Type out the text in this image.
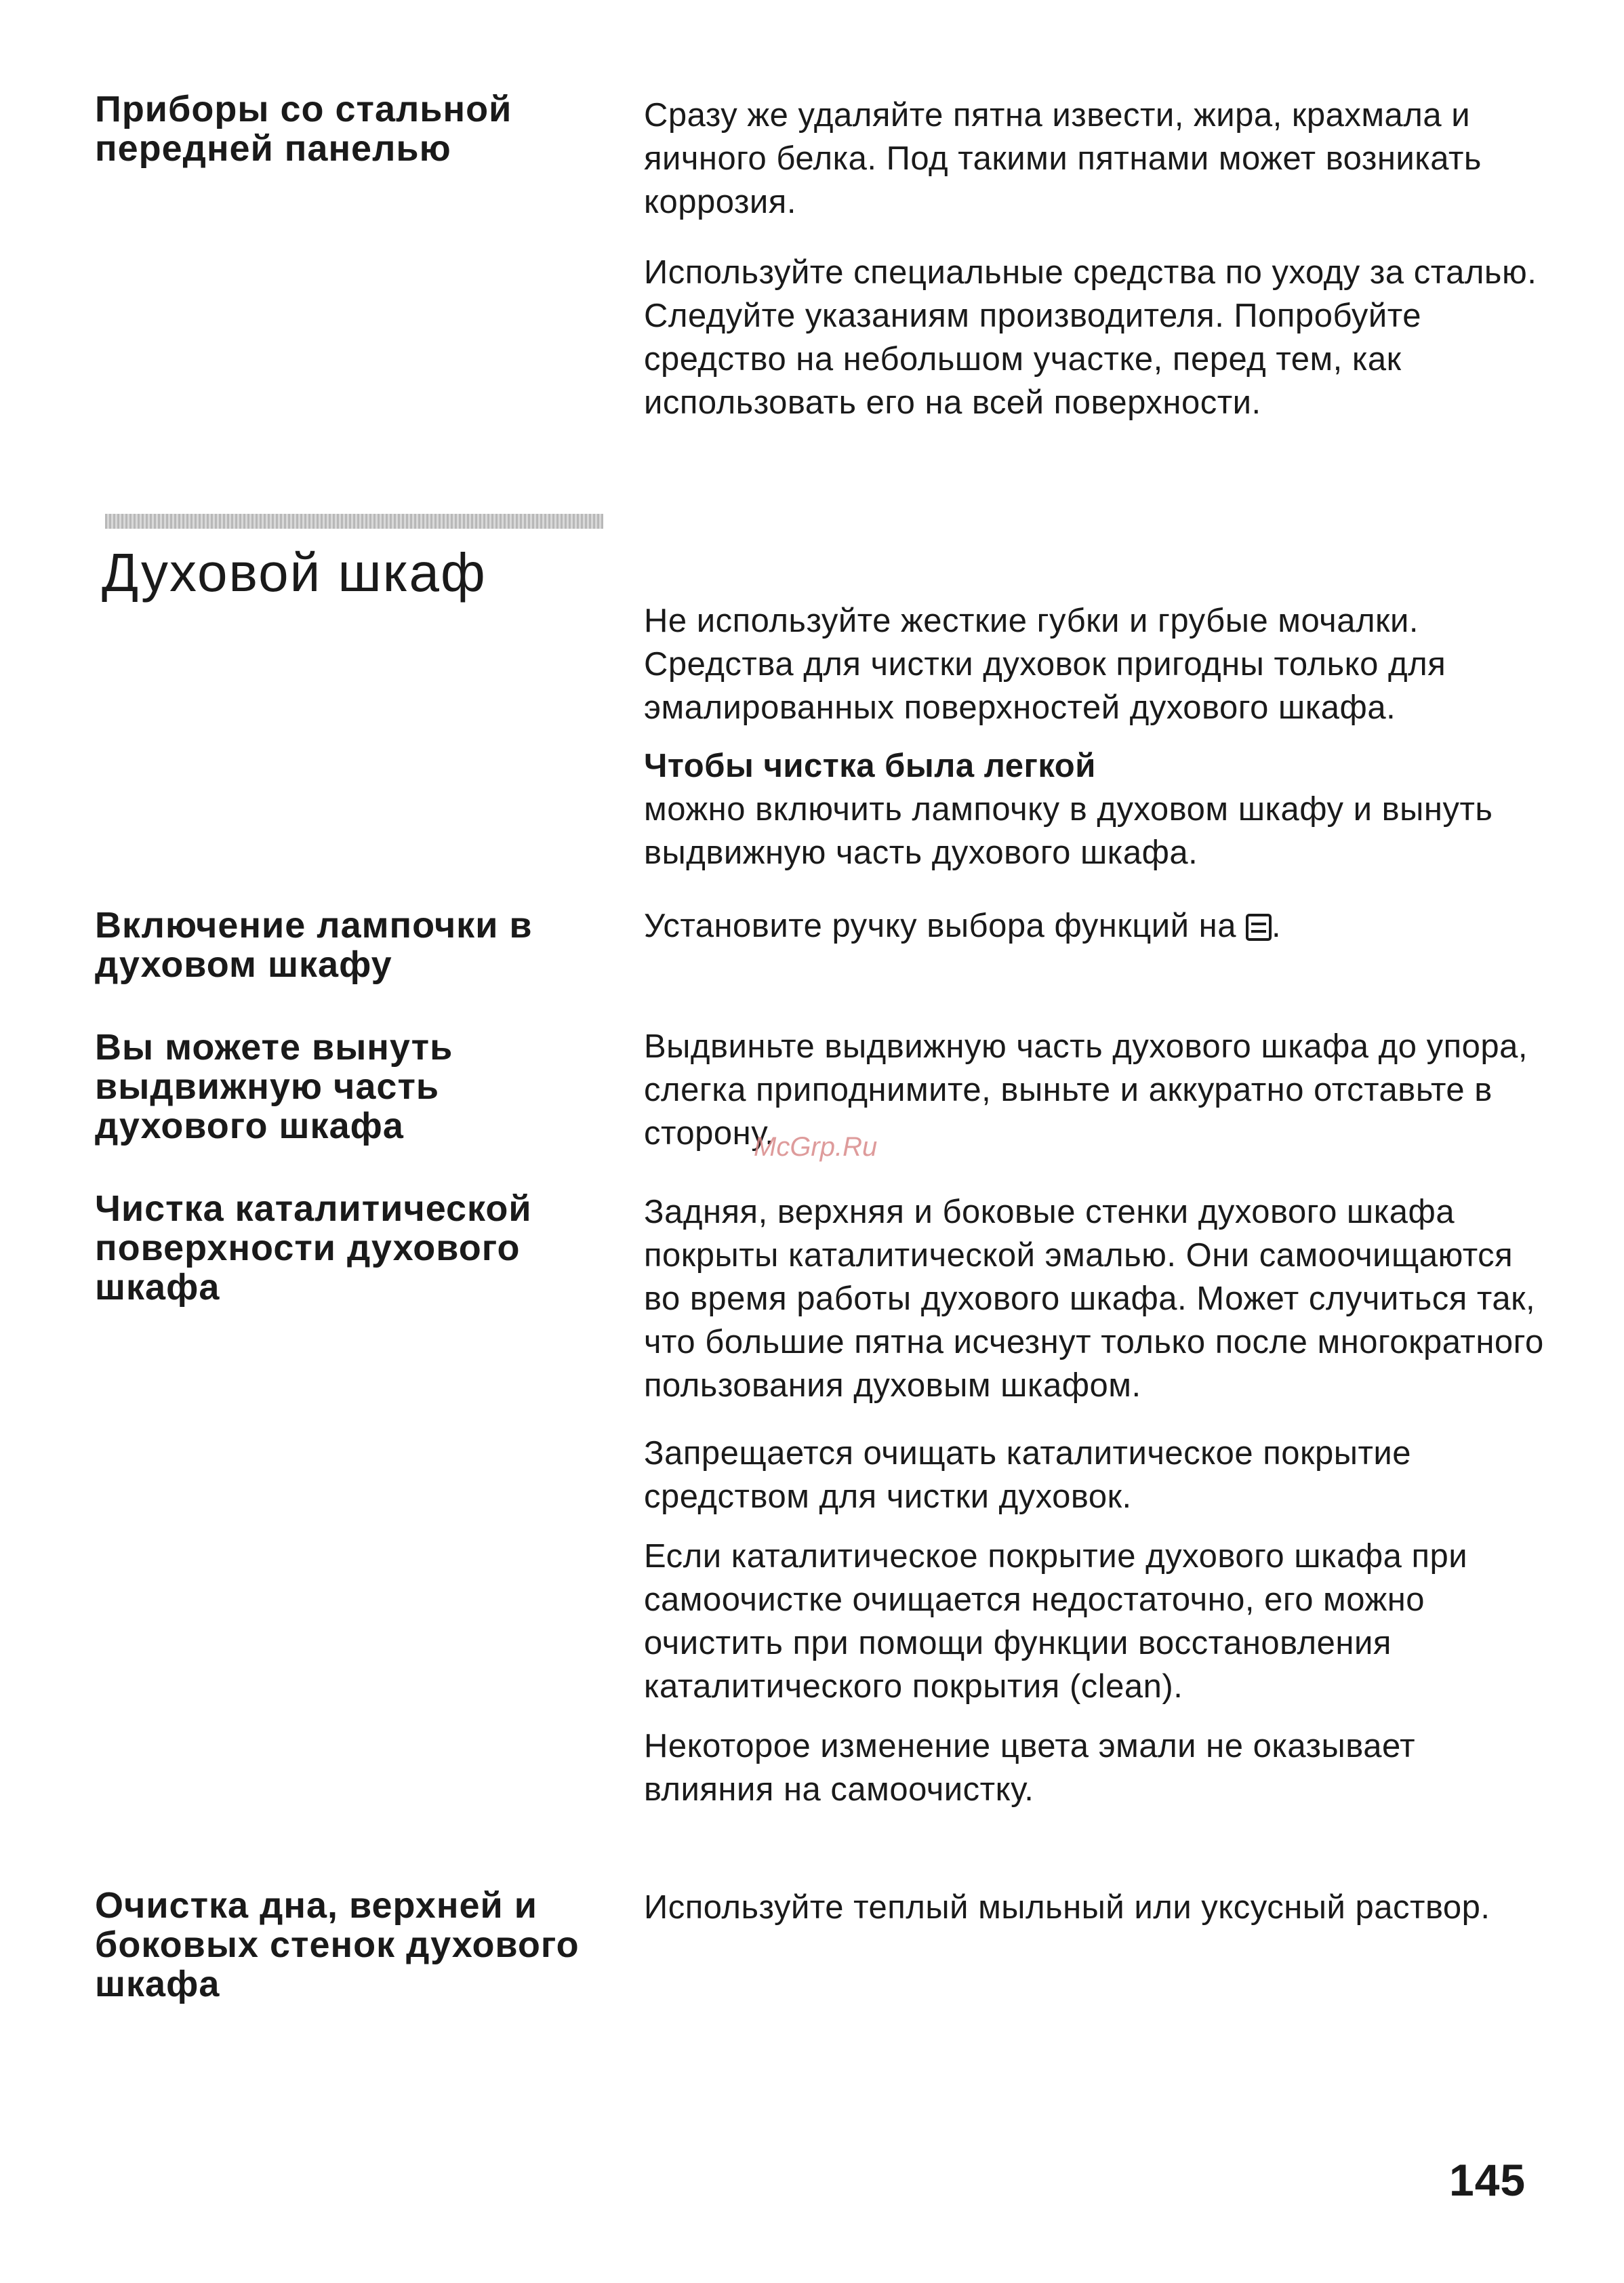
Приборы со стальной передней панелью

Сразу же удаляйте пятна извести, жира, крахмала и яичного белка. Под такими пятнами может возникать коррозия.

Используйте специальные средства по уходу за сталью. Следуйте указаниям производителя. Попробуйте средство на небольшом участке, перед тем, как использовать его на всей поверхности.

Духовой шкаф

Не используйте жесткие губки и грубые мочалки. Средства для чистки духовок пригодны только для эмалированных поверхностей духового шкафа.

Чтобы чистка была легкой
можно включить лампочку в духовом шкафу и вынуть выдвижную часть духового шкафа.

Включение лампочки в духовом шкафу

Установите ручку выбора функций на .

Вы можете вынуть выдвижную часть духового шкафа

Выдвиньте выдвижную часть духового шкафа до упора, слегка приподнимите, выньте и аккуратно отставьте в сторону.

McGrp.Ru
Чистка каталитической поверхности духового шкафа

Задняя, верхняя и боковые стенки духового шкафа покрыты каталитической эмалью. Они самоочищаются во время работы духового шкафа. Может случиться так, что большие пятна исчезнут только после многократного пользования духовым шкафом.

Запрещается очищать каталитическое покрытие средством для чистки духовок.

Если каталитическое покрытие духового шкафа при самоочистке очищается недостаточно, его можно очистить при помощи функции восстановления каталитического покрытия (clean).

Некоторое изменение цвета эмали не оказывает влияния на самоочистку.

Очистка дна, верхней и боковых стенок духового шкафа

Используйте теплый мыльный или уксусный раствор.

145
